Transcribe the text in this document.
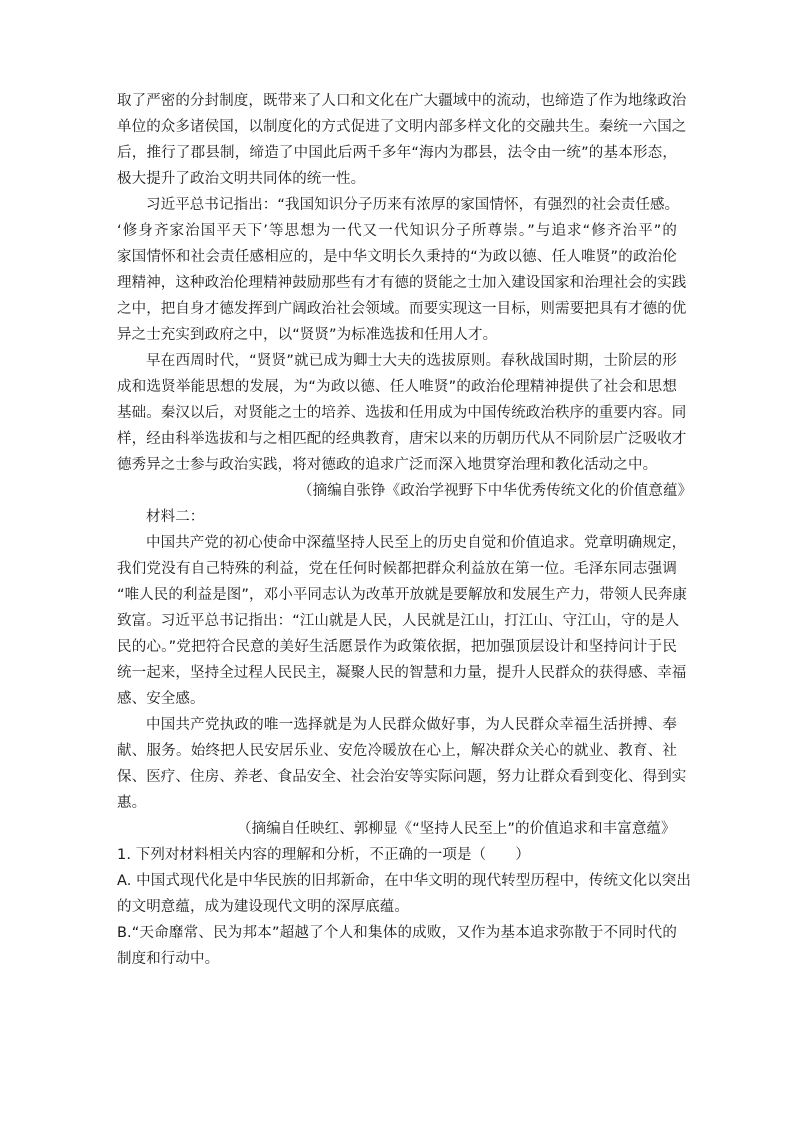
取了严密的分封制度，既带来了人口和文化在广大疆域中的流动，也缔造了作为地缘政治
单位的众多诸侯国，以制度化的方式促进了文明内部多样文化的交融共生。秦统一六国之
后，推行了郡县制，缔造了中国此后两千多年“海内为郡县，法令由一统”的基本形态，
极大提升了政治文明共同体的统一性。
习近平总书记指出：“我国知识分子历来有浓厚的家国情怀，有强烈的社会责任感。
‘修身齐家治国平天下’等思想为一代又一代知识分子所尊崇。”与追求“修齐治平”的
家国情怀和社会责任感相应的，是中华文明长久秉持的“为政以德、任人唯贤”的政治伦
理精神，这种政治伦理精神鼓励那些有才有德的贤能之士加入建设国家和治理社会的实践
之中，把自身才德发挥到广阔政治社会领域。而要实现这一目标，则需要把具有才德的优
异之士充实到政府之中，以“贤贤”为标准选拔和任用人才。
早在西周时代，“贤贤”就已成为卿士大夫的选拔原则。春秋战国时期，士阶层的形
成和选贤举能思想的发展，为“为政以德、任人唯贤”的政治伦理精神提供了社会和思想
基础。秦汉以后，对贤能之士的培养、选拔和任用成为中国传统政治秩序的重要内容。同
样，经由科举选拔和与之相匹配的经典教育，唐宋以来的历朝历代从不同阶层广泛吸收才
德秀异之士参与政治实践，将对德政的追求广泛而深入地贯穿治理和教化活动之中。
（摘编自张铮《政治学视野下中华优秀传统文化的价值意蕴》
材料二：
中国共产党的初心使命中深蕴坚持人民至上的历史自觉和价值追求。党章明确规定，
我们党没有自己特殊的利益，党在任何时候都把群众利益放在第一位。毛泽东同志强调
“唯人民的利益是图”，邓小平同志认为改革开放就是要解放和发展生产力，带领人民奔康
致富。习近平总书记指出：“江山就是人民，人民就是江山，打江山、守江山，守的是人
民的心。”党把符合民意的美好生活愿景作为政策依据，把加强顶层设计和坚持问计于民
统一起来，坚持全过程人民民主，凝聚人民的智慧和力量，提升人民群众的获得感、幸福
感、安全感。
中国共产党执政的唯一选择就是为人民群众做好事，为人民群众幸福生活拼搏、奉
献、服务。始终把人民安居乐业、安危冷暖放在心上，解决群众关心的就业、教育、社
保、医疗、住房、养老、食品安全、社会治安等实际问题，努力让群众看到变化、得到实
惠。
（摘编自任映红、郭柳显《“坚持人民至上”的价值追求和丰富意蕴》
1. 下列对材料相关内容的理解和分析，不正确的一项是（　　）
A. 中国式现代化是中华民族的旧邦新命，在中华文明的现代转型历程中，传统文化以突出
的文明意蕴，成为建设现代文明的深厚底蕴。
B.“天命靡常、民为邦本”超越了个人和集体的成败，又作为基本追求弥散于不同时代的
制度和行动中。
